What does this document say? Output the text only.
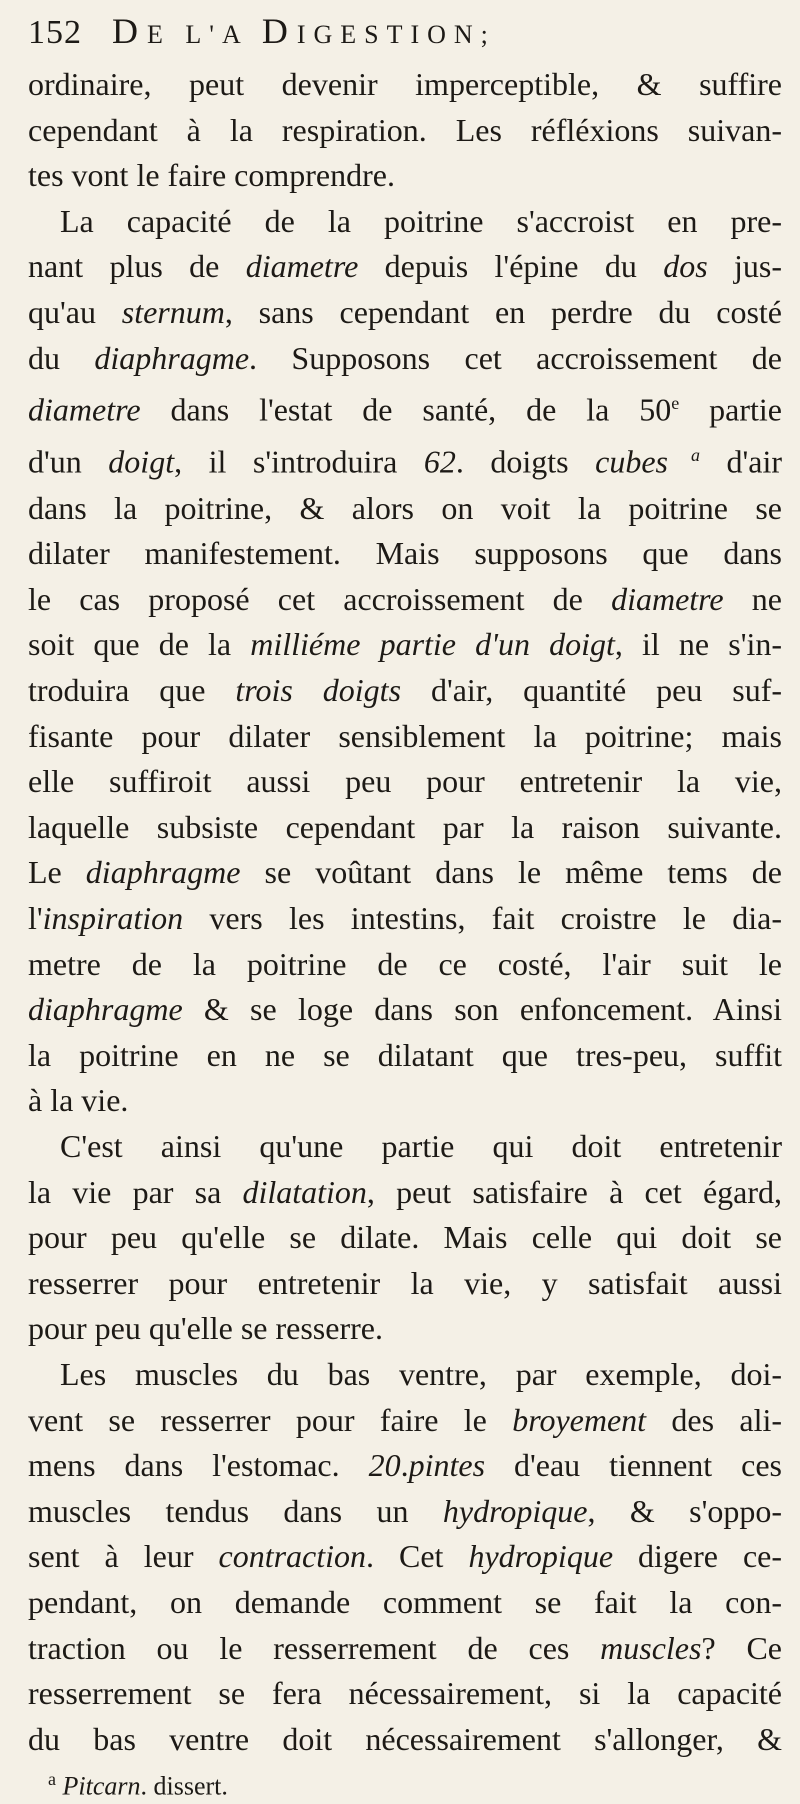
152 DE L'A DIGESTION;
ordinaire, peut devenir imperceptible, & suffire
cependant à la respiration. Les réfléxions suivan-
tes vont le faire comprendre.
La capacité de la poitrine s'accroist en pre-
nant plus de diametre depuis l'épine du dos jus-
qu'au sternum, sans cependant en perdre du costé
du diaphragme. Supposons cet accroissement de
diametre dans l'estat de santé, de la 50e partie
d'un doigt, il s'introduira 62. doigts cubes $^a$ d'air
dans la poitrine, & alors on voit la poitrine se
dilater manifestement. Mais supposons que dans
le cas proposé cet accroissement de diametre ne
soit que de la milliéme partie d'un doigt, il ne s'in-
troduira que trois doigts d'air, quantité peu suf-
fisante pour dilater sensiblement la poitrine; mais
elle suffiroit aussi peu pour entretenir la vie,
laquelle subsiste cependant par la raison suivante.
Le diaphragme se voûtant dans le même tems de
l'inspiration vers les intestins, fait croistre le dia-
metre de la poitrine de ce costé, l'air suit le
diaphragme & se loge dans son enfoncement. Ainsi
la poitrine en ne se dilatant que tres-peu, suffit
à la vie.
C'est ainsi qu'une partie qui doit entretenir
la vie par sa dilatation, peut satisfaire à cet égard,
pour peu qu'elle se dilate. Mais celle qui doit se
resserrer pour entretenir la vie, y satisfait aussi
pour peu qu'elle se resserre.
Les muscles du bas ventre, par exemple, doi-
vent se resserrer pour faire le broyement des ali-
mens dans l'estomac. 20.pintes d'eau tiennent ces
muscles tendus dans un hydropique, & s'oppo-
sent à leur contraction. Cet hydropique digere ce-
pendant, on demande comment se fait la con-
traction ou le resserrement de ces muscles? Ce
resserrement se fera nécessairement, si la capacité
du bas ventre doit nécessairement s'allonger, &
$^a$ Pitcarn. dissert.
